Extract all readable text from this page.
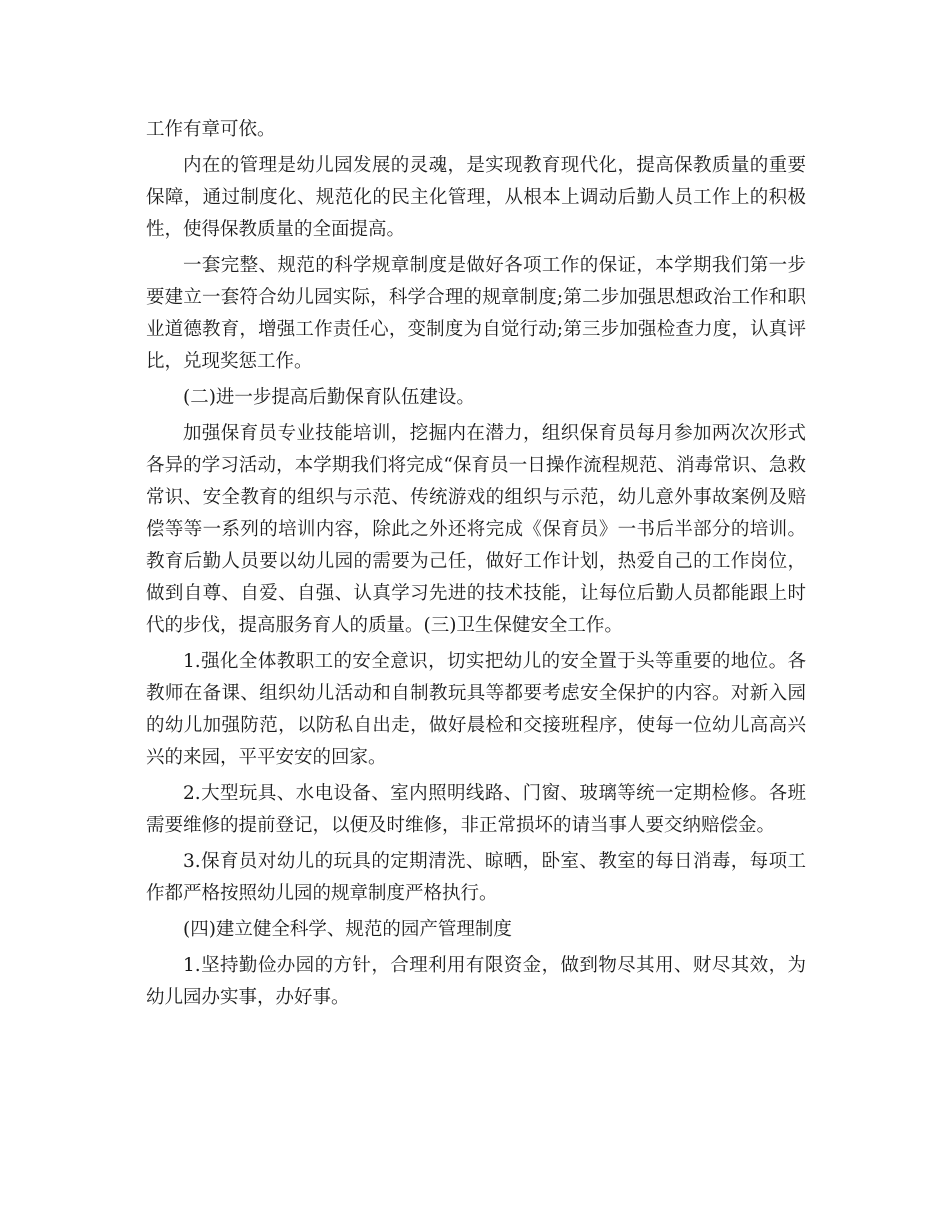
工作有章可依。

内在的管理是幼儿园发展的灵魂，是实现教育现代化，提高保教质量的重要保障，通过制度化、规范化的民主化管理，从根本上调动后勤人员工作上的积极性，使得保教质量的全面提高。

一套完整、规范的科学规章制度是做好各项工作的保证，本学期我们第一步要建立一套符合幼儿园实际，科学合理的规章制度;第二步加强思想政治工作和职业道德教育，增强工作责任心，变制度为自觉行动;第三步加强检查力度，认真评比，兑现奖惩工作。

(二)进一步提高后勤保育队伍建设。

加强保育员专业技能培训，挖掘内在潜力，组织保育员每月参加两次次形式各异的学习活动，本学期我们将完成“保育员一日操作流程规范、消毒常识、急救常识、安全教育的组织与示范、传统游戏的组织与示范，幼儿意外事故案例及赔偿等等一系列的培训内容，除此之外还将完成《保育员》一书后半部分的培训。教育后勤人员要以幼儿园的需要为己任，做好工作计划，热爱自己的工作岗位，做到自尊、自爱、自强、认真学习先进的技术技能，让每位后勤人员都能跟上时代的步伐，提高服务育人的质量。(三)卫生保健安全工作。

1.强化全体教职工的安全意识，切实把幼儿的安全置于头等重要的地位。各教师在备课、组织幼儿活动和自制教玩具等都要考虑安全保护的内容。对新入园的幼儿加强防范，以防私自出走，做好晨检和交接班程序，使每一位幼儿高高兴兴的来园，平平安安的回家。

2.大型玩具、水电设备、室内照明线路、门窗、玻璃等统一定期检修。各班需要维修的提前登记，以便及时维修，非正常损坏的请当事人要交纳赔偿金。

3.保育员对幼儿的玩具的定期清洗、晾晒，卧室、教室的每日消毒，每项工作都严格按照幼儿园的规章制度严格执行。

(四)建立健全科学、规范的园产管理制度

1.坚持勤俭办园的方针，合理利用有限资金，做到物尽其用、财尽其效，为幼儿园办实事，办好事。
